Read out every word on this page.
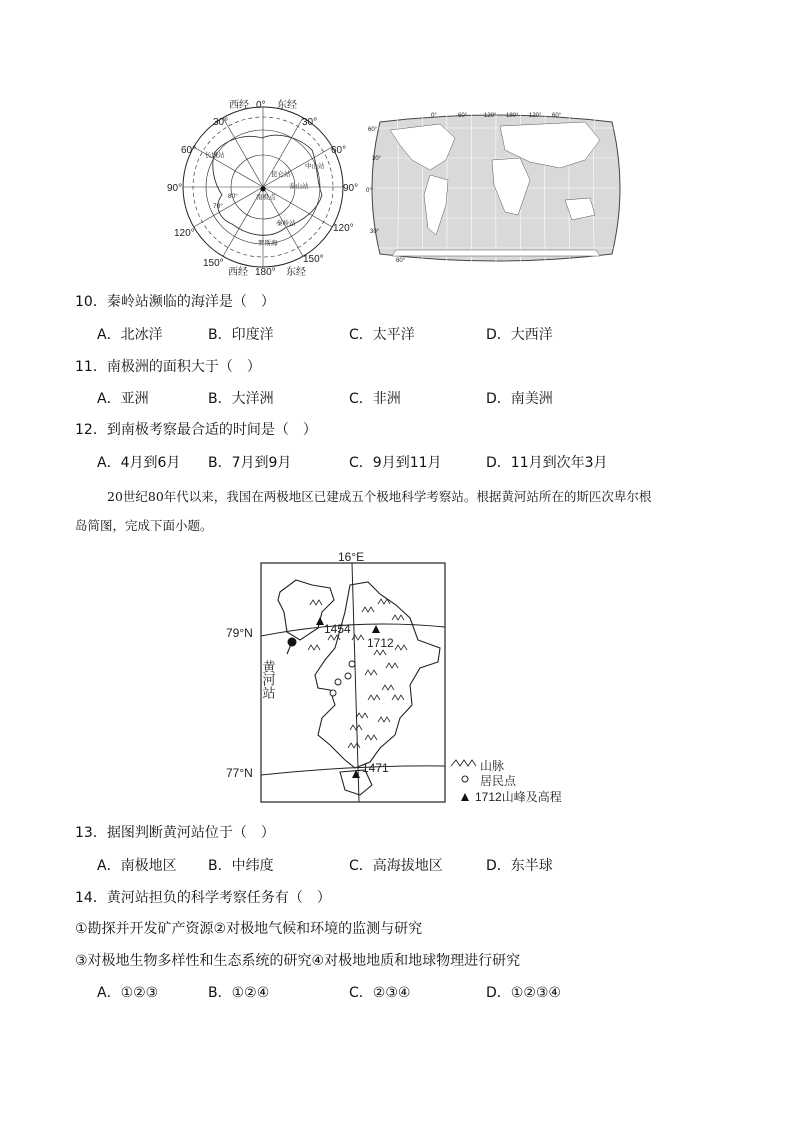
西经 0° 东经
西经 180° 东经
30°	30°
60°	60°
90°	90°
120°	120°
150°	150°
长城站
中山站
昆仑站
泰山站
秦岭站
80°
70°
南极点
罗斯海
0°	60°	120° 180° 120° 60°
60°
30°
0°
30°
60°
10．秦岭站濒临的海洋是（　）
A．北冰洋	B．印度洋	C．太平洋	D．大西洋
11．南极洲的面积大于（　）
A．亚洲	B．大洋洲	C．非洲	D．南美洲
12．到南极考察最合适的时间是（　）
A．4月到6月 B．7月到9月	C．9月到11月	D．11月到次年3月
20世纪80年代以来，我国在两极地区已建成五个极地科学考察站。根据黄河站所在的斯匹次卑尔根
岛简图，完成下面小题。
16°E
79°N
77°N
1454
1712
1471
黄河站
山脉
居民点
1712山峰及高程
13．据图判断黄河站位于（　）
A．南极地区 B．中纬度	C．高海拔地区	D．东半球
14．黄河站担负的科学考察任务有（　）
①勘探并开发矿产资源②对极地气候和环境的监测与研究
③对极地生物多样性和生态系统的研究④对极地地质和地球物理进行研究
A．①②③	B．①②④	C．②③④	D．①②③④
